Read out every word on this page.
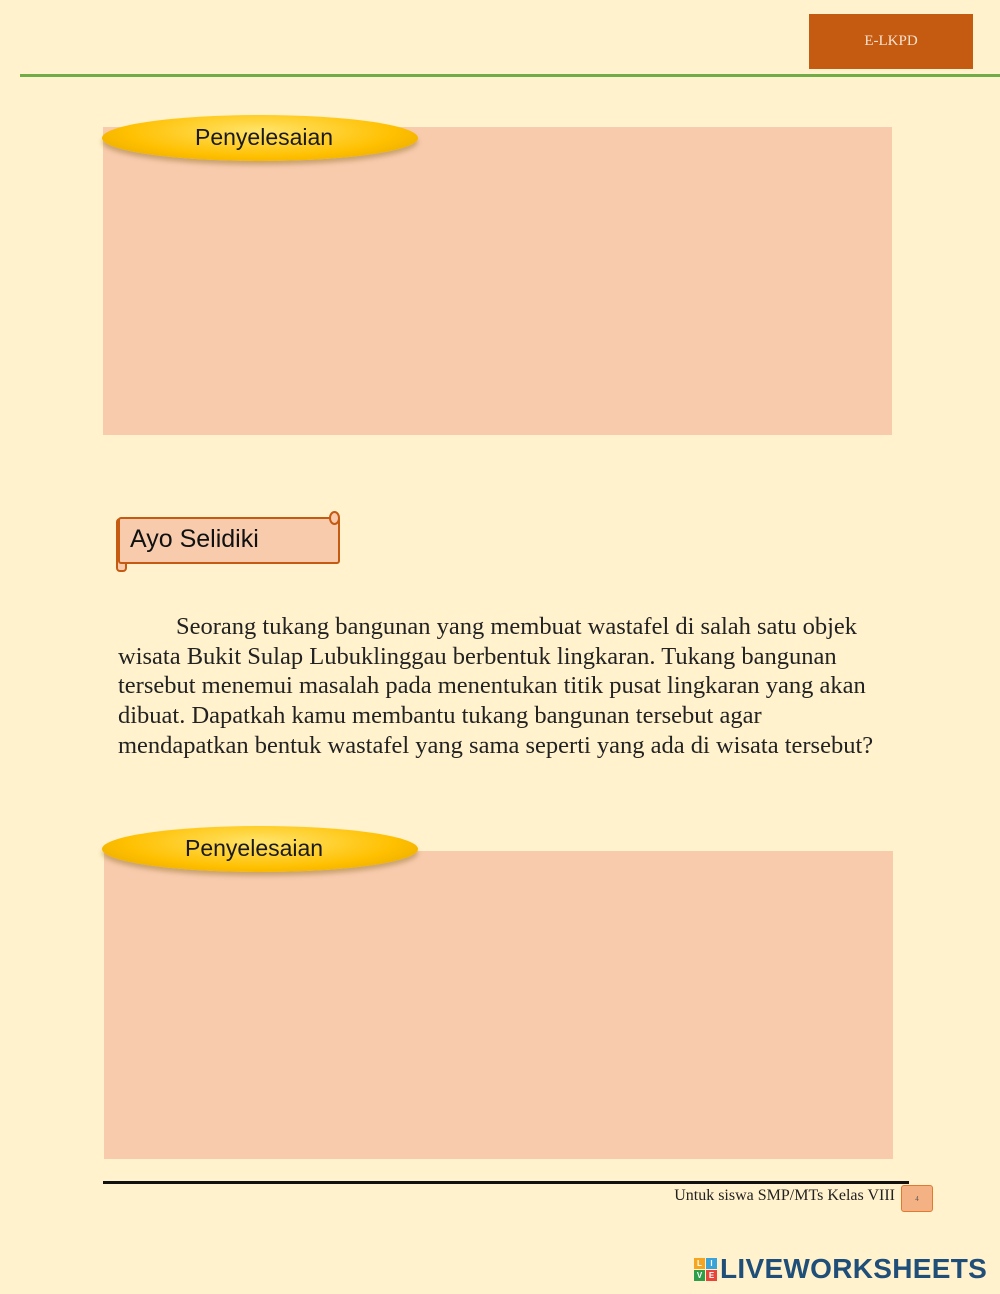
E-LKPD
Penyelesaian
Ayo Selidiki

Seorang tukang bangunan yang membuat wastafel di salah satu objek wisata Bukit Sulap Lubuklinggau berbentuk lingkaran. Tukang bangunan tersebut menemui masalah pada menentukan titik pusat lingkaran yang akan dibuat. Dapatkah kamu membantu tukang bangunan tersebut agar mendapatkan bentuk wastafel yang sama seperti yang ada di wisata tersebut?

Penyelesaian
Untuk siswa SMP/MTs Kelas VIII	4
L	I
V E LIVEWORKSHEETS
